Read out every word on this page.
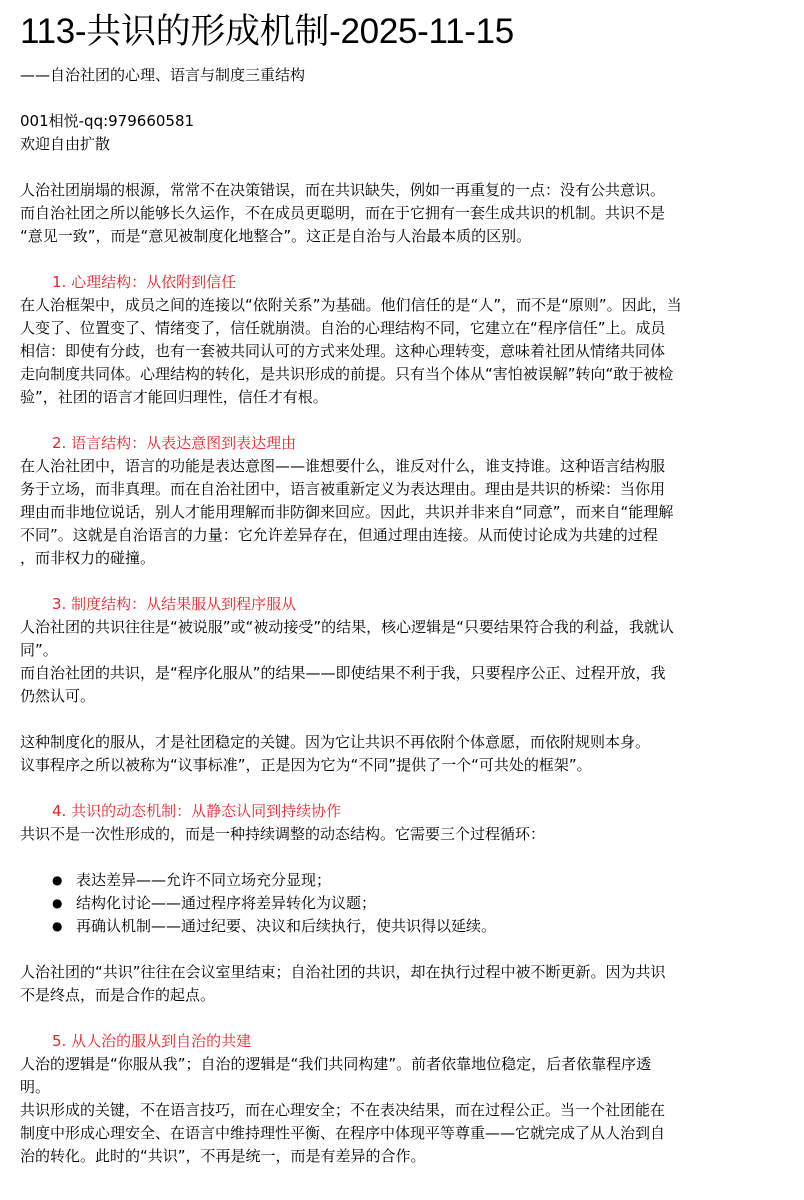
113-共识的形成机制-2025-11-15

——自治社团的心理、语言与制度三重结构

001相悦-qq:979660581

欢迎自由扩散

人治社团崩塌的根源，常常不在决策错误，而在共识缺失，例如一再重复的一点：没有公共意识。

而自治社团之所以能够长久运作，不在成员更聪明，而在于它拥有一套生成共识的机制。共识不是

“意见一致”，而是“意见被制度化地整合”。这正是自治与人治最本质的区别。

1. 心理结构：从依附到信任

在人治框架中，成员之间的连接以“依附关系”为基础。他们信任的是“人”，而不是“原则”。因此，当

人变了、位置变了、情绪变了，信任就崩溃。自治的心理结构不同，它建立在“程序信任”上。成员

相信：即使有分歧，也有一套被共同认可的方式来处理。这种心理转变，意味着社团从情绪共同体

走向制度共同体。心理结构的转化，是共识形成的前提。只有当个体从“害怕被误解”转向“敢于被检

验”，社团的语言才能回归理性，信任才有根。

2. 语言结构：从表达意图到表达理由

在人治社团中，语言的功能是表达意图——谁想要什么，谁反对什么，谁支持谁。这种语言结构服

务于立场，而非真理。而在自治社团中，语言被重新定义为表达理由。理由是共识的桥梁：当你用

理由而非地位说话，别人才能用理解而非防御来回应。因此，共识并非来自“同意”，而来自“能理解

不同”。这就是自治语言的力量：它允许差异存在，但通过理由连接。从而使讨论成为共建的过程

，而非权力的碰撞。

3. 制度结构：从结果服从到程序服从

人治社团的共识往往是“被说服”或“被动接受”的结果，核心逻辑是“只要结果符合我的利益，我就认

同”。

而自治社团的共识，是“程序化服从”的结果——即使结果不利于我，只要程序公正、过程开放，我

仍然认可。

这种制度化的服从，才是社团稳定的关键。因为它让共识不再依附个体意愿，而依附规则本身。

议事程序之所以被称为“议事标准”，正是因为它为“不同”提供了一个“可共处的框架”。

4. 共识的动态机制：从静态认同到持续协作

共识不是一次性形成的，而是一种持续调整的动态结构。它需要三个过程循环：

● 表达差异——允许不同立场充分显现；
● 结构化讨论——通过程序将差异转化为议题；
● 再确认机制——通过纪要、决议和后续执行，使共识得以延续。

人治社团的“共识”往往在会议室里结束；自治社团的共识，却在执行过程中被不断更新。因为共识

不是终点，而是合作的起点。

5. 从人治的服从到自治的共建

人治的逻辑是“你服从我”；自治的逻辑是“我们共同构建”。前者依靠地位稳定，后者依靠程序透

明。

共识形成的关键，不在语言技巧，而在心理安全；不在表决结果，而在过程公正。当一个社团能在

制度中形成心理安全、在语言中维持理性平衡、在程序中体现平等尊重——它就完成了从人治到自

治的转化。此时的“共识”，不再是统一，而是有差异的合作。
